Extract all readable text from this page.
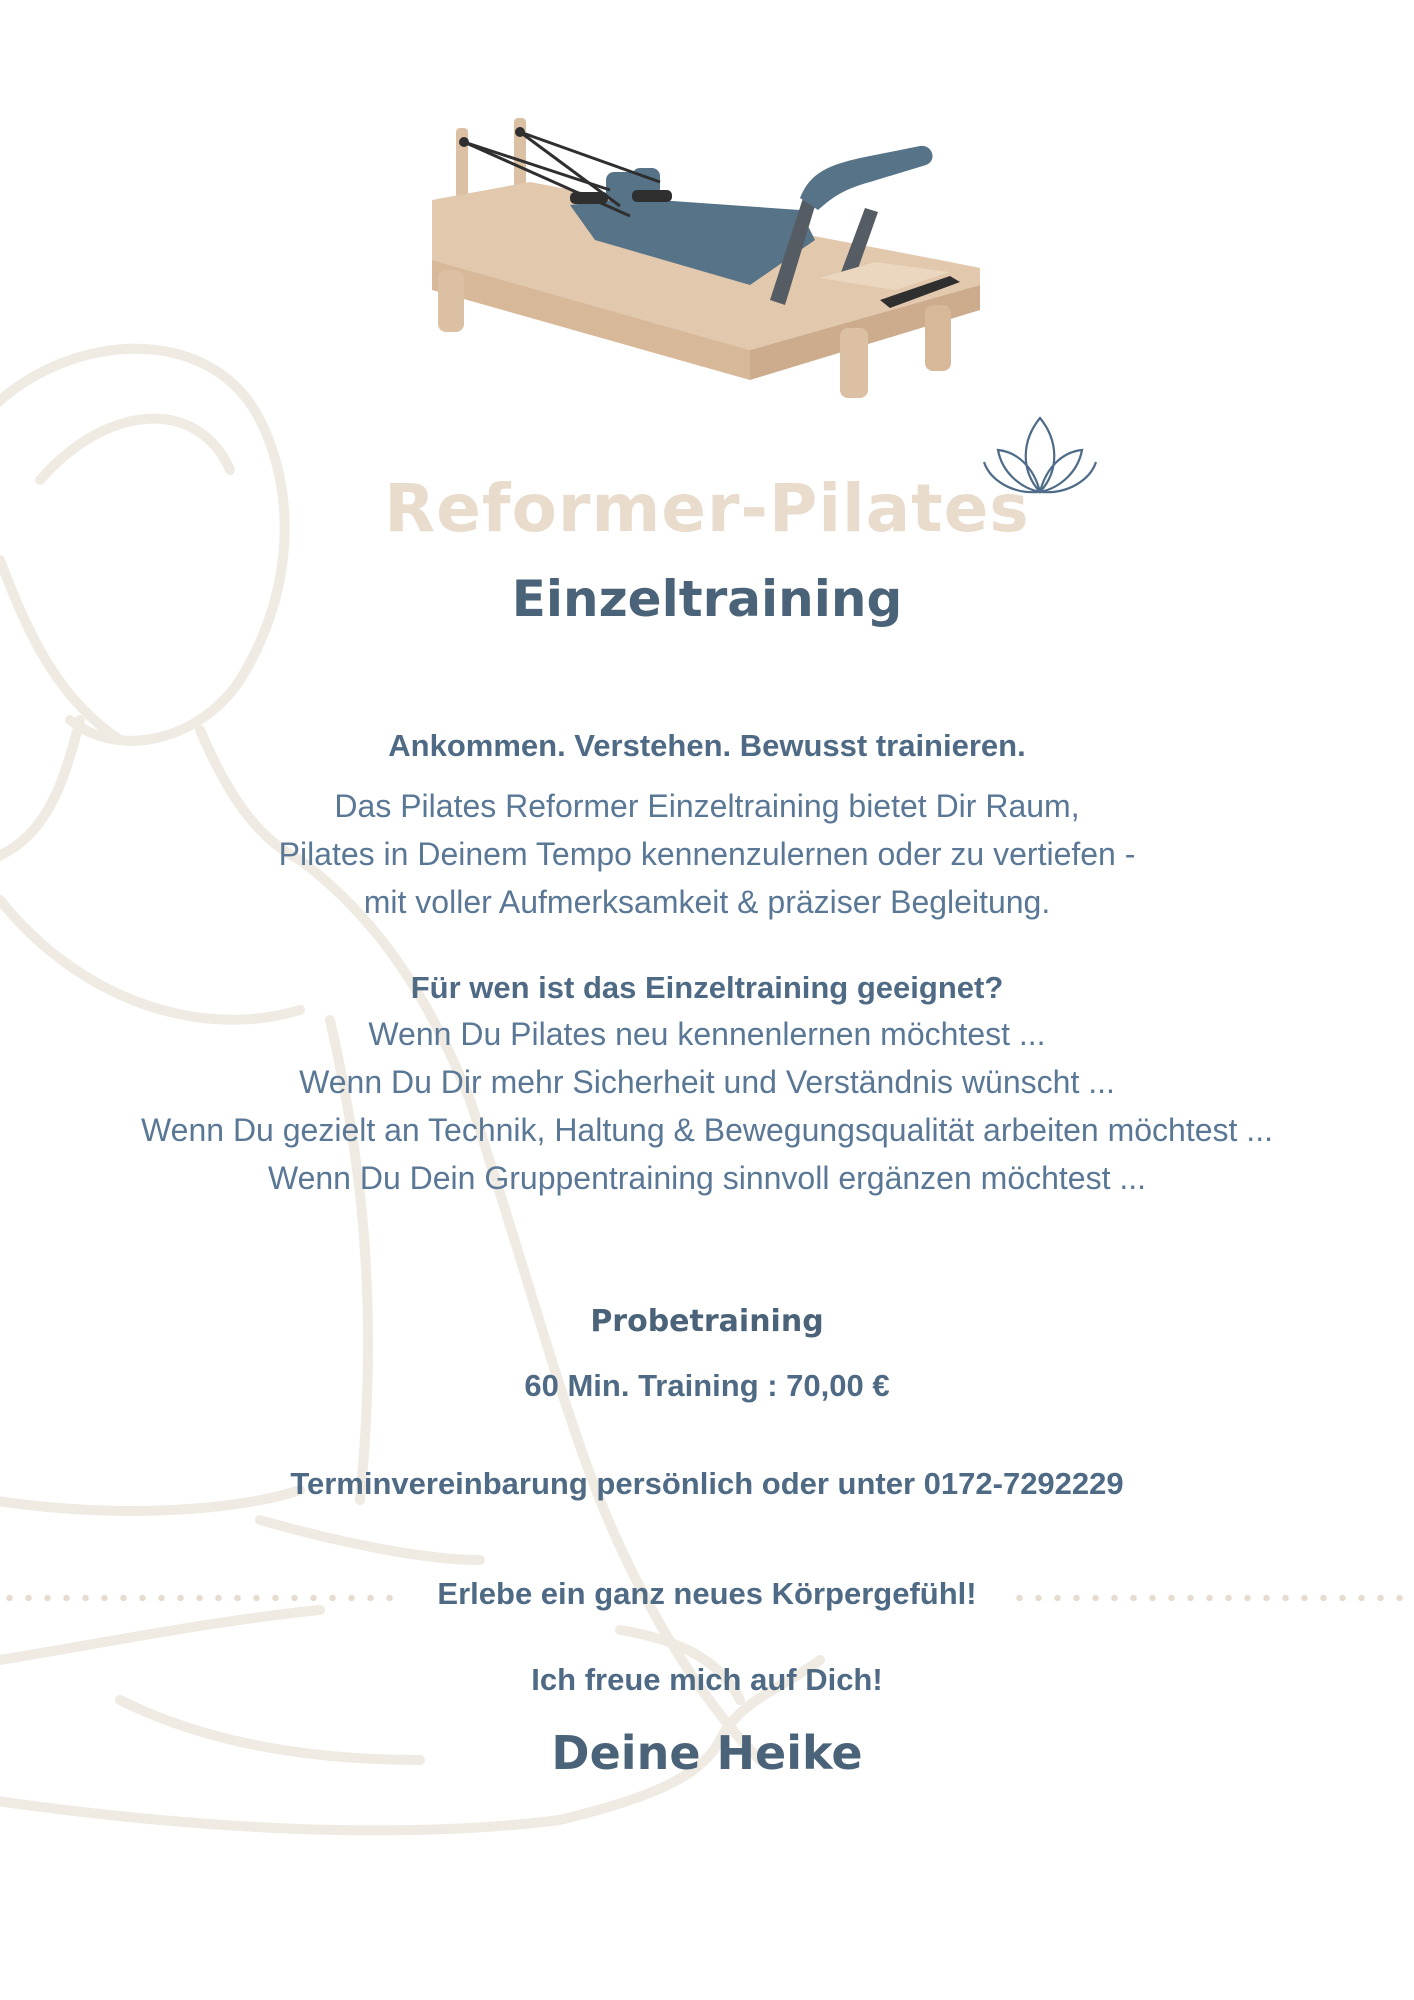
Reformer-Pilates
Einzeltraining
Ankommen. Verstehen. Bewusst trainieren.
Das Pilates Reformer Einzeltraining bietet Dir Raum,
Pilates in Deinem Tempo kennenzulernen oder zu vertiefen -
mit voller Aufmerksamkeit & präziser Begleitung.
Für wen ist das Einzeltraining geeignet?
Wenn Du Pilates neu kennenlernen möchtest ...
Wenn Du Dir mehr Sicherheit und Verständnis wünscht ...
Wenn Du gezielt an Technik, Haltung & Bewegungsqualität arbeiten möchtest ...
Wenn Du Dein Gruppentraining sinnvoll ergänzen möchtest ...
Probetraining
60 Min. Training : 70,00 €
Terminvereinbarung persönlich oder unter 0172-7292229
Erlebe ein ganz neues Körpergefühl!
Ich freue mich auf Dich!
Deine Heike
